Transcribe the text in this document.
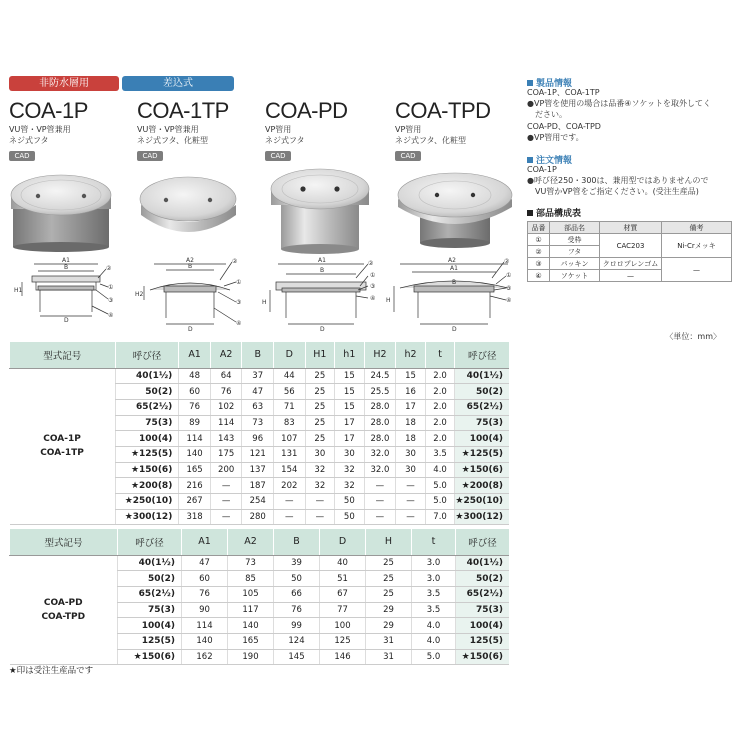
非防水層用	差込式
COA-1P
VU管・VP管兼用
ネジ式フタ
CAD
COA-1TP
VU管・VP管兼用
ネジ式フタ、化粧型
CAD
COA-PD
VP管用
ネジ式フタ
CAD
COA-TPD
VP管用
ネジ式フタ、化粧型
CAD
A1
B
D
H1
②
①
③
④
A2
B
D
H2
②
①
③
④
A1
B
D
H
②
①
③
④
A2
A1
B
D
H
②
①
③
④
製品情報
COA-1P、COA-1TP
●VP管を使用の場合は品番④ソケットを取外してく
　ださい。
COA-PD、COA-TPD
●VP管用です。
注文情報
COA-1P
●呼び径250・300は、兼用型ではありませんので
　VU管かVP管をご指定ください。(受注生産品)
部品構成表
品番	部品名	材質	備考
①	受枠	CAC203	Ni-Crメッキ
②	フタ		
③	パッキン	クロロプレンゴム	—
④	ソケット	—	
〈単位：mm〉
型式記号	呼び径	A1	A2	B	D	H1	h1	H2	h2	t	呼び径

COA-1P
COA-1TP	40(1½)	48	64	37	44	25	15	24.5	15	2.0	40(1½)
	50(2)	60	76	47	56	25	15	25.5	16	2.0	50(2)
	65(2½)	76	102	63	71	25	15	28.0	17	2.0	65(2½)
	75(3)	89	114	73	83	25	17	28.0	18	2.0	75(3)
	100(4)	114	143	96	107	25	17	28.0	18	2.0	100(4)
	★125(5)	140	175	121	131	30	30	32.0	30	3.5	★125(5)
	★150(6)	165	200	137	154	32	32	32.0	30	4.0	★150(6)
	★200(8)	216	—	187	202	32	32	—	—	5.0	★200(8)
	★250(10)	267	—	254	—	—	50	—	—	5.0	★250(10)
	★300(12)	318	—	280	—	—	50	—	—	7.0	★300(12)
型式記号	呼び径	A1	A2	B	D	H	t	呼び径

COA-PD
COA-TPD	40(1½)	47	73	39	40	25	3.0	40(1½)
	50(2)	60	85	50	51	25	3.0	50(2)
	65(2½)	76	105	66	67	25	3.5	65(2½)
	75(3)	90	117	76	77	29	3.5	75(3)
	100(4)	114	140	99	100	29	4.0	100(4)
	125(5)	140	165	124	125	31	4.0	125(5)
	★150(6)	162	190	145	146	31	5.0	★150(6)
★印は受注生産品です
